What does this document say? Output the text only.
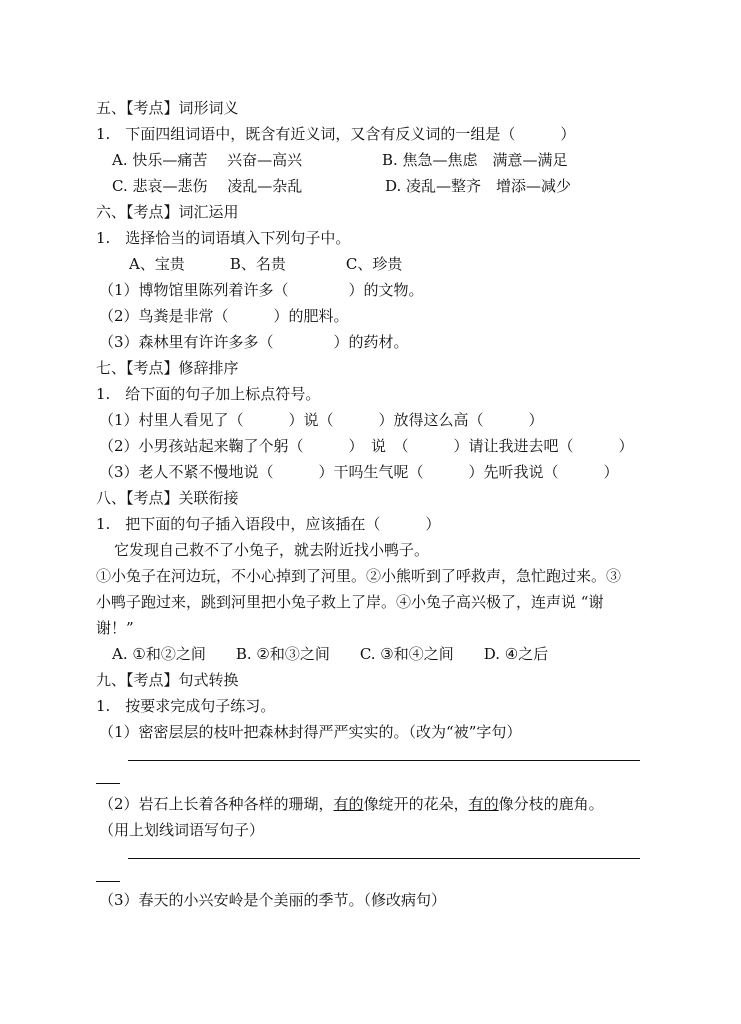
五、【考点】词形词义
1.　下面四组词语中，既含有近义词，又含有反义词的一组是（　　　）
A. 快乐—痛苦　 兴奋—高兴	B. 焦急—焦虑　满意—满足
C. 悲哀—悲伤　 凌乱—杂乱	D. 凌乱—整齐　增添—减少
六、【考点】词汇运用
1.　选择恰当的词语填入下列句子中。
A、宝贵　　　B、名贵　　　　C、珍贵
（1）博物馆里陈列着许多（　　　　）的文物。
（2）鸟粪是非常（　　　）的肥料。
（3）森林里有许许多多（　　　　）的药材。
七、【考点】修辞排序
1.　给下面的句子加上标点符号。
（1）村里人看见了（　　　）说（　　　）放得这么高（　　　）
（2）小男孩站起来鞠了个躬（　　　）　说　（　　　）请让我进去吧（　　　）
（3）老人不紧不慢地说（　　　）干吗生气呢（　　　）先听我说（　　　）
八、【考点】关联衔接
1.　把下面的句子插入语段中，应该插在（　　　）
它发现自己救不了小兔子，就去附近找小鸭子。
①小兔子在河边玩，不小心掉到了河里。②小熊听到了呼救声，急忙跑过来。③
小鸭子跑过来，跳到河里把小兔子救上了岸。④小兔子高兴极了，连声说 “谢
谢！”
A. ①和②之间　　B. ②和③之间　　C. ③和④之间　　D. ④之后
九、【考点】句式转换
1.　按要求完成句子练习。
（1）密密层层的枝叶把森林封得严严实实的。（改为“被”字句）
（2）岩石上长着各种各样的珊瑚，有的像绽开的花朵，有的像分枝的鹿角。
（用上划线词语写句子）
（3）春天的小兴安岭是个美丽的季节。（修改病句）
